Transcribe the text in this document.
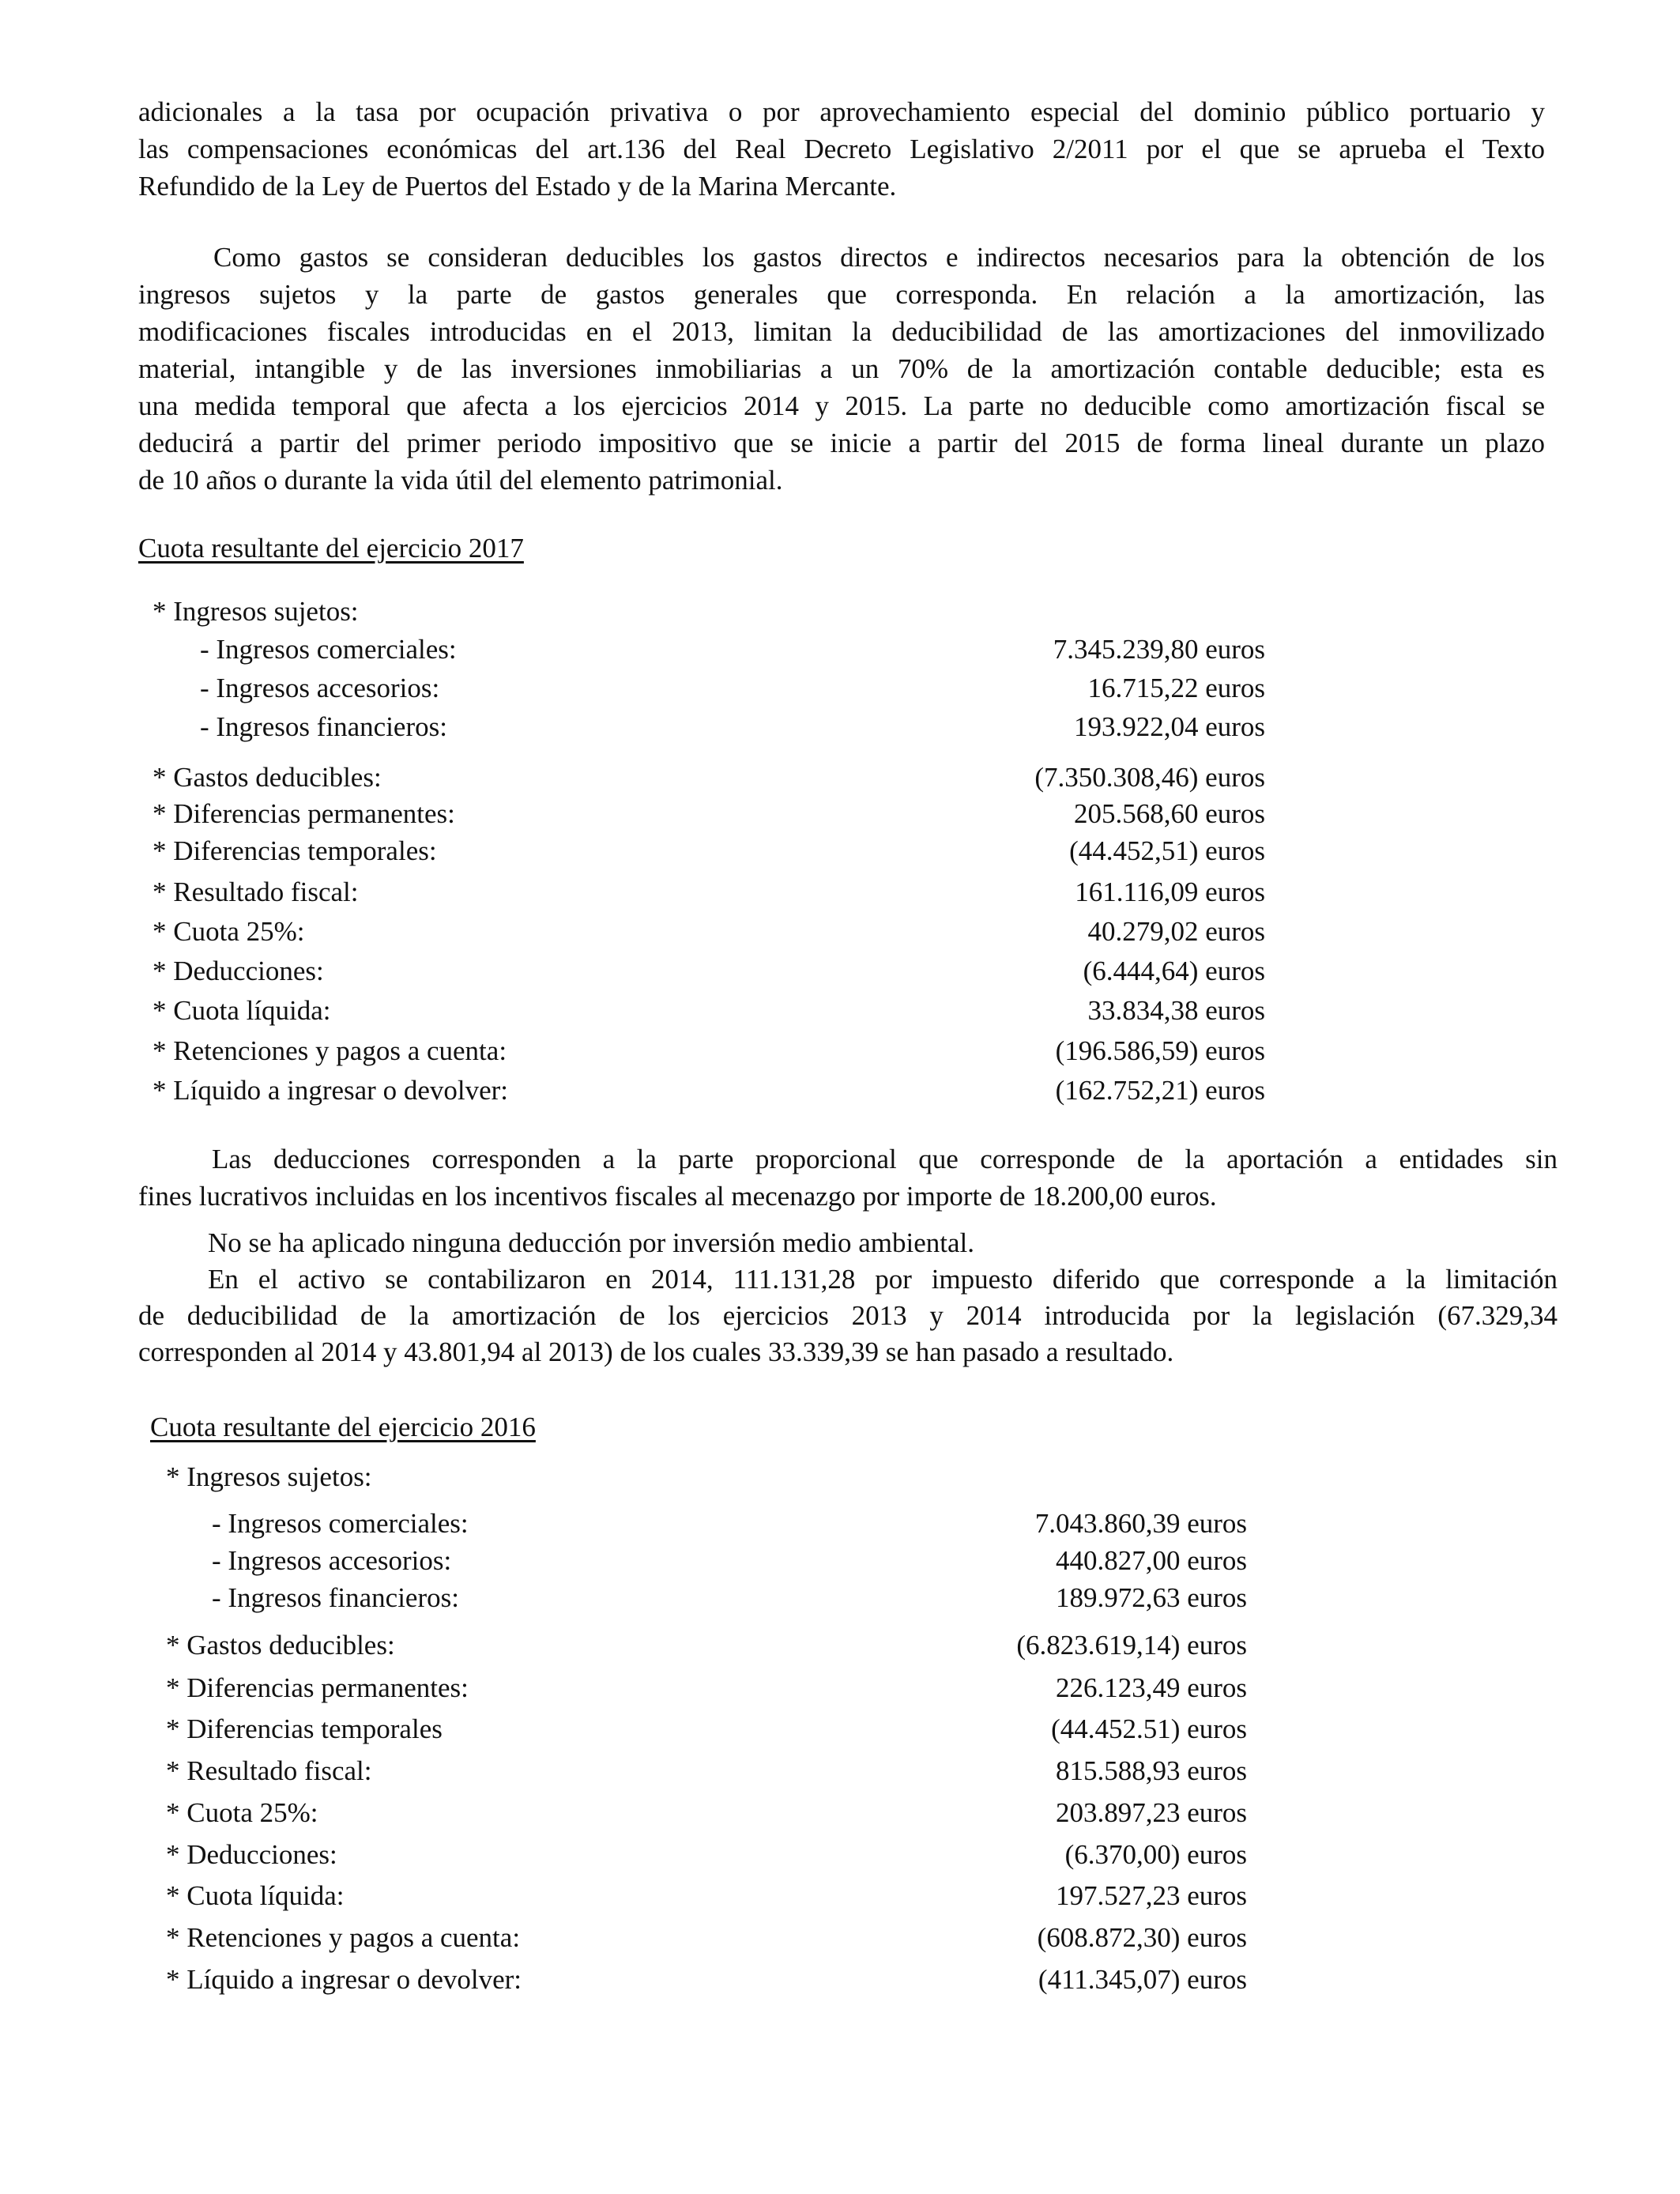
adicionales a la tasa por ocupación privativa o por aprovechamiento especial del dominio público portuario y
las compensaciones económicas del art.136 del Real Decreto Legislativo 2/2011 por el que se aprueba el Texto
Refundido de la Ley de Puertos del Estado y de la Marina Mercante.
Como gastos se consideran deducibles los gastos directos e indirectos necesarios para la obtención de los
ingresos sujetos y la parte de gastos generales que corresponda. En relación a la amortización, las
modificaciones fiscales introducidas en el 2013, limitan la deducibilidad de las amortizaciones del inmovilizado
material, intangible y de las inversiones inmobiliarias a un 70% de la amortización contable deducible; esta es
una medida temporal que afecta a los ejercicios 2014 y 2015. La parte no deducible como amortización fiscal se
deducirá a partir del primer periodo impositivo que se inicie a partir del 2015 de forma lineal durante un plazo
de 10 años o durante la vida útil del elemento patrimonial.
Cuota resultante del ejercicio 2017
* Ingresos sujetos:
- Ingresos comerciales:	7.345.239,80 euros
- Ingresos accesorios:	16.715,22 euros
- Ingresos financieros:	193.922,04 euros
* Gastos deducibles:	(7.350.308,46) euros
* Diferencias permanentes:	205.568,60 euros
* Diferencias temporales:	(44.452,51) euros
* Resultado fiscal:	161.116,09 euros
* Cuota 25%:	40.279,02 euros
* Deducciones:	(6.444,64) euros
* Cuota líquida:	33.834,38 euros
* Retenciones y pagos a cuenta:	(196.586,59) euros
* Líquido a ingresar o devolver:	(162.752,21) euros
Las deducciones corresponden a la parte proporcional que corresponde de la aportación a entidades sin
fines lucrativos incluidas en los incentivos fiscales al mecenazgo por importe de 18.200,00 euros.
No se ha aplicado ninguna deducción por inversión medio ambiental.
En el activo se contabilizaron en 2014, 111.131,28 por impuesto diferido que corresponde a la limitación
de deducibilidad de la amortización de los ejercicios 2013 y 2014 introducida por la legislación (67.329,34
corresponden al 2014 y 43.801,94 al 2013) de los cuales 33.339,39 se han pasado a resultado.
Cuota resultante del ejercicio 2016
* Ingresos sujetos:
- Ingresos comerciales:	7.043.860,39 euros
- Ingresos accesorios:	440.827,00 euros
- Ingresos financieros:	189.972,63 euros
* Gastos deducibles:	(6.823.619,14) euros
* Diferencias permanentes:	226.123,49 euros
* Diferencias temporales	(44.452.51) euros
* Resultado fiscal:	815.588,93 euros
* Cuota 25%:	203.897,23 euros
* Deducciones:	(6.370,00) euros
* Cuota líquida:	197.527,23 euros
* Retenciones y pagos a cuenta:	(608.872,30) euros
* Líquido a ingresar o devolver:	(411.345,07) euros
